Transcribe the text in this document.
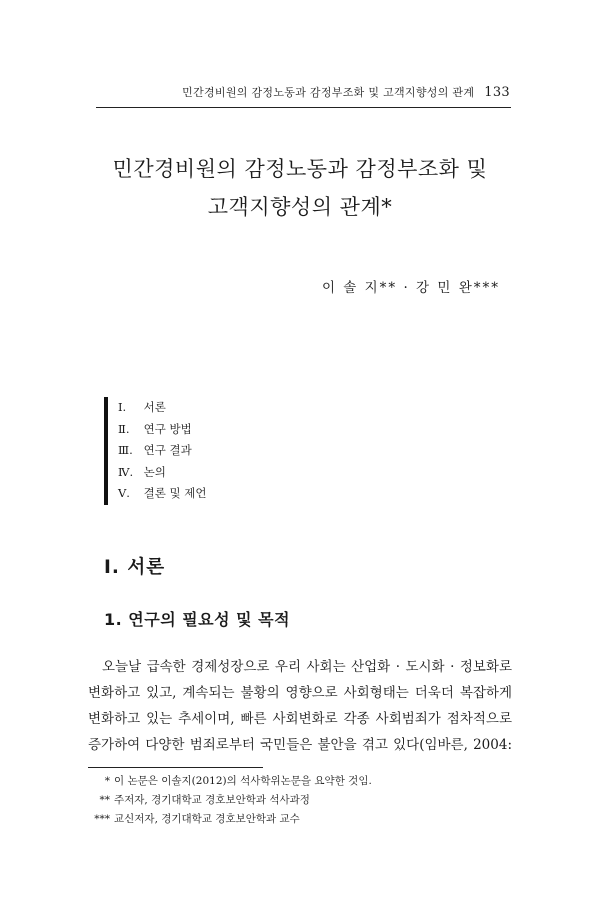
민간경비원의 감정노동과 감정부조화 및 고객지향성의 관계 133
민간경비원의 감정노동과 감정부조화 및
고객지향성의 관계*
이 솔 지** · 강 민 완***
Ⅰ. 서론
Ⅱ. 연구 방법
Ⅲ. 연구 결과
Ⅳ. 논의
Ⅴ. 결론 및 제언
Ⅰ. 서론
1. 연구의 필요성 및 목적
오늘날 급속한 경제성장으로 우리 사회는 산업화 · 도시화 · 정보화로
변화하고 있고, 계속되는 불황의 영향으로 사회형태는 더욱더 복잡하게
변화하고 있는 추세이며, 빠른 사회변화로 각종 사회범죄가 점차적으로
증가하여 다양한 범죄로부터 국민들은 불안을 겪고 있다(임바른, 2004:
* 이 논문은 이솔지(2012)의 석사학위논문을 요약한 것임.
** 주저자, 경기대학교 경호보안학과 석사과정
*** 교신저자, 경기대학교 경호보안학과 교수
